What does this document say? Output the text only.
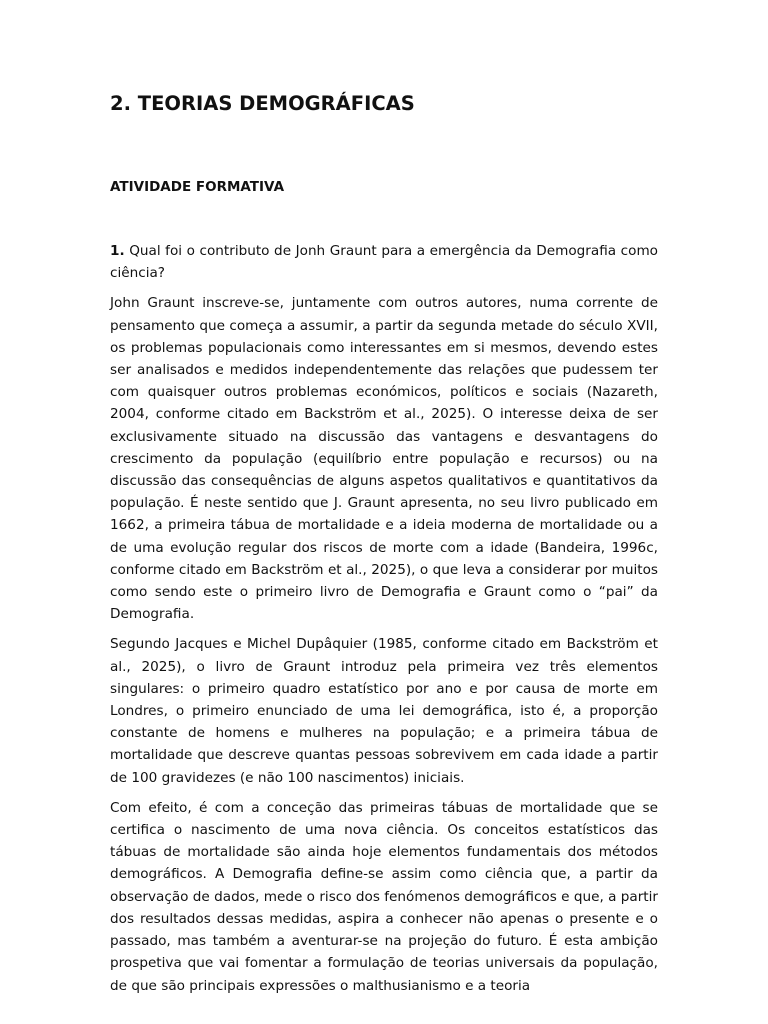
2. TEORIAS DEMOGRÁFICAS
ATIVIDADE FORMATIVA

1. Qual foi o contributo de Jonh Graunt para a emergência da Demografia como ciência?

John Graunt inscreve-se, juntamente com outros autores, numa corrente de pensamento que começa a assumir, a partir da segunda metade do século XVII, os problemas populacionais como interessantes em si mesmos, devendo estes ser analisados e medidos independentemente das relações que pudessem ter com quaisquer outros problemas económicos, políticos e sociais (Nazareth, 2004, conforme citado em Backström et al., 2025). O interesse deixa de ser exclusivamente situado na discussão das vantagens e desvantagens do crescimento da população (equilíbrio entre população e recursos) ou na discussão das consequências de alguns aspetos qualitativos e quantitativos da população. É neste sentido que J. Graunt apresenta, no seu livro publicado em 1662, a primeira tábua de mortalidade e a ideia moderna de mortalidade ou a de uma evolução regular dos riscos de morte com a idade (Bandeira, 1996c, conforme citado em Backström et al., 2025), o que leva a considerar por muitos como sendo este o primeiro livro de Demografia e Graunt como o “pai” da Demografia.

Segundo Jacques e Michel Dupâquier (1985, conforme citado em Backström et al., 2025), o livro de Graunt introduz pela primeira vez três elementos singulares: o primeiro quadro estatístico por ano e por causa de morte em Londres, o primeiro enunciado de uma lei demográfica, isto é, a proporção constante de homens e mulheres na população; e a primeira tábua de mortalidade que descreve quantas pessoas sobrevivem em cada idade a partir de 100 gravidezes (e não 100 nascimentos) iniciais.

Com efeito, é com a conceção das primeiras tábuas de mortalidade que se certifica o nascimento de uma nova ciência. Os conceitos estatísticos das tábuas de mortalidade são ainda hoje elementos fundamentais dos métodos demográficos. A Demografia define-se assim como ciência que, a partir da observação de dados, mede o risco dos fenómenos demográficos e que, a partir dos resultados dessas medidas, aspira a conhecer não apenas o presente e o passado, mas também a aventurar-se na projeção do futuro. É esta ambição prospetiva que vai fomentar a formulação de teorias universais da população, de que são principais expressões o malthusianismo e a teoria
